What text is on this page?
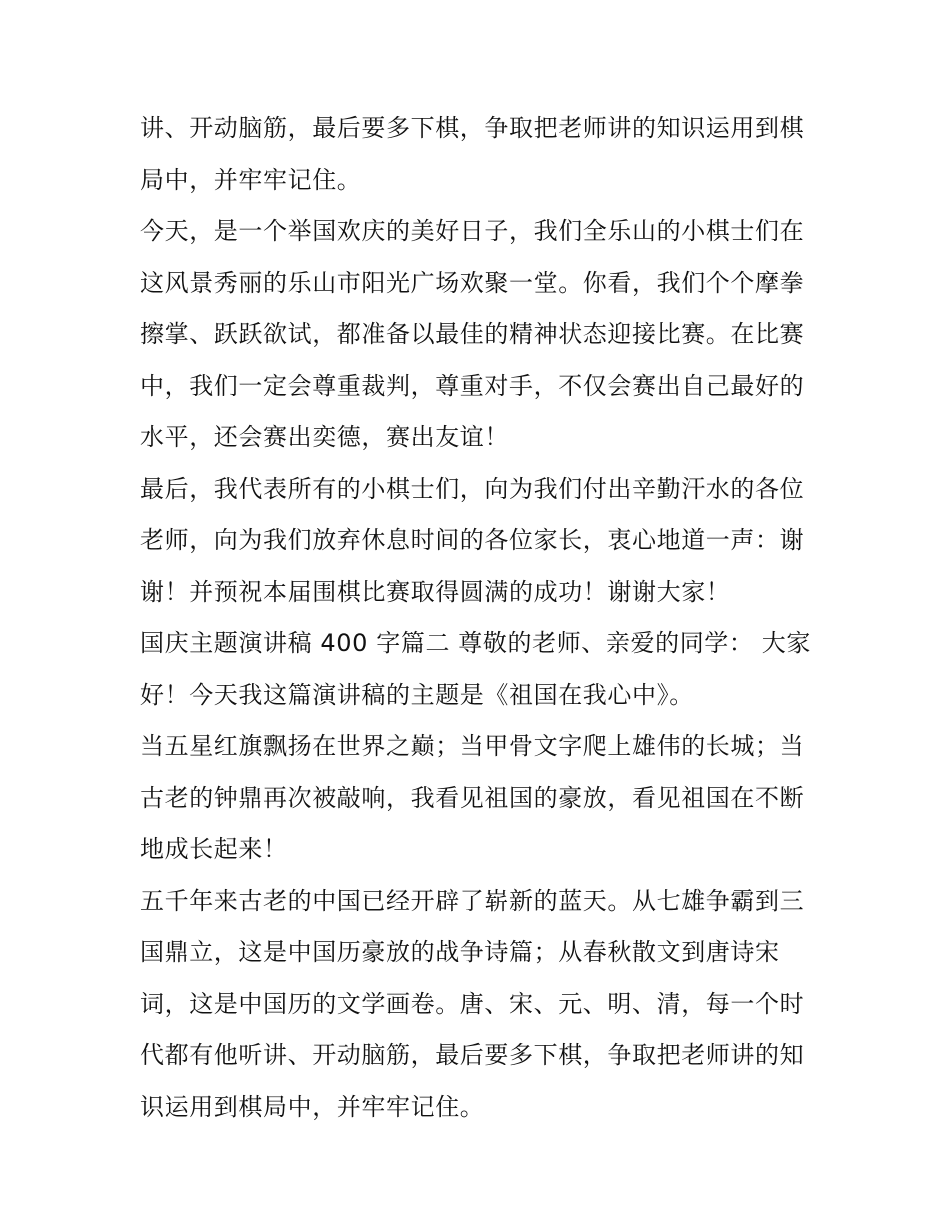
讲、开动脑筋，最后要多下棋，争取把老师讲的知识运用到棋
局中，并牢牢记住。
今天，是一个举国欢庆的美好日子，我们全乐山的小棋士们在
这风景秀丽的乐山市阳光广场欢聚一堂。你看，我们个个摩拳
擦掌、跃跃欲试，都准备以最佳的精神状态迎接比赛。在比赛
中，我们一定会尊重裁判，尊重对手，不仅会赛出自己最好的
水平，还会赛出奕德，赛出友谊！
最后，我代表所有的小棋士们，向为我们付出辛勤汗水的各位
老师，向为我们放弃休息时间的各位家长，衷心地道一声：谢
谢！并预祝本届围棋比赛取得圆满的成功！谢谢大家！
国庆主题演讲稿 400 字篇二 尊敬的老师、亲爱的同学： 大家
好！今天我这篇演讲稿的主题是《祖国在我心中》。
当五星红旗飘扬在世界之巅；当甲骨文字爬上雄伟的长城；当
古老的钟鼎再次被敲响，我看见祖国的豪放，看见祖国在不断
地成长起来！
五千年来古老的中国已经开辟了崭新的蓝天。从七雄争霸到三
国鼎立，这是中国历豪放的战争诗篇；从春秋散文到唐诗宋
词，这是中国历的文学画卷。唐、宋、元、明、清，每一个时
代都有他听讲、开动脑筋，最后要多下棋，争取把老师讲的知
识运用到棋局中，并牢牢记住。
